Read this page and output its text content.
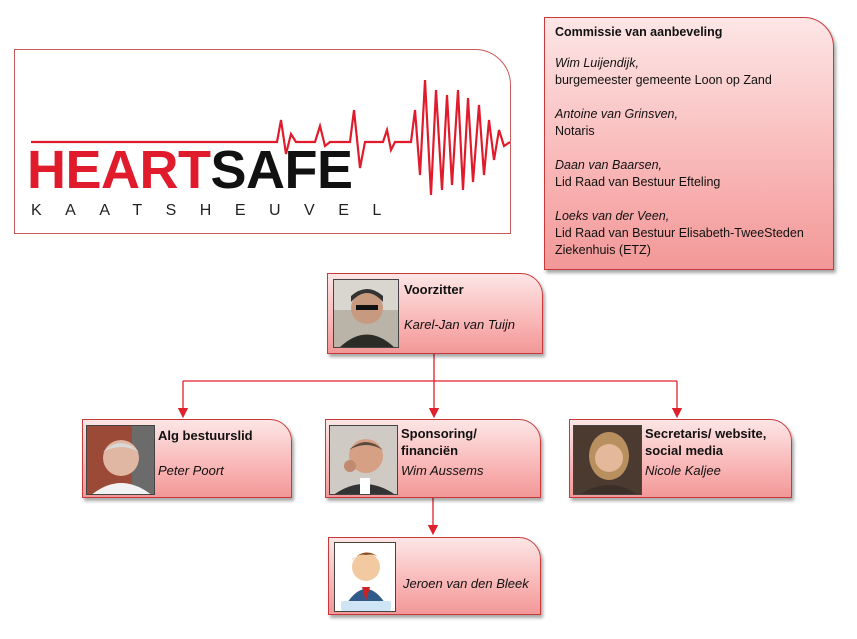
HEARTSAFE
KAATSHEUVEL
Commissie van aanbeveling
Wim Luijendijk,
burgemeester gemeente Loon op Zand
Antoine van Grinsven,
Notaris
Daan van Baarsen,
Lid Raad van Bestuur Efteling
Loeks van der Veen,
Lid Raad van Bestuur Elisabeth-TweeSteden Ziekenhuis (ETZ)
Voorzitter
Karel-Jan van Tuijn
Alg bestuurslid
Peter Poort
Sponsoring/ financiën
Wim Aussems
Secretaris/ website, social media
Nicole Kaljee
Jeroen van den Bleek
